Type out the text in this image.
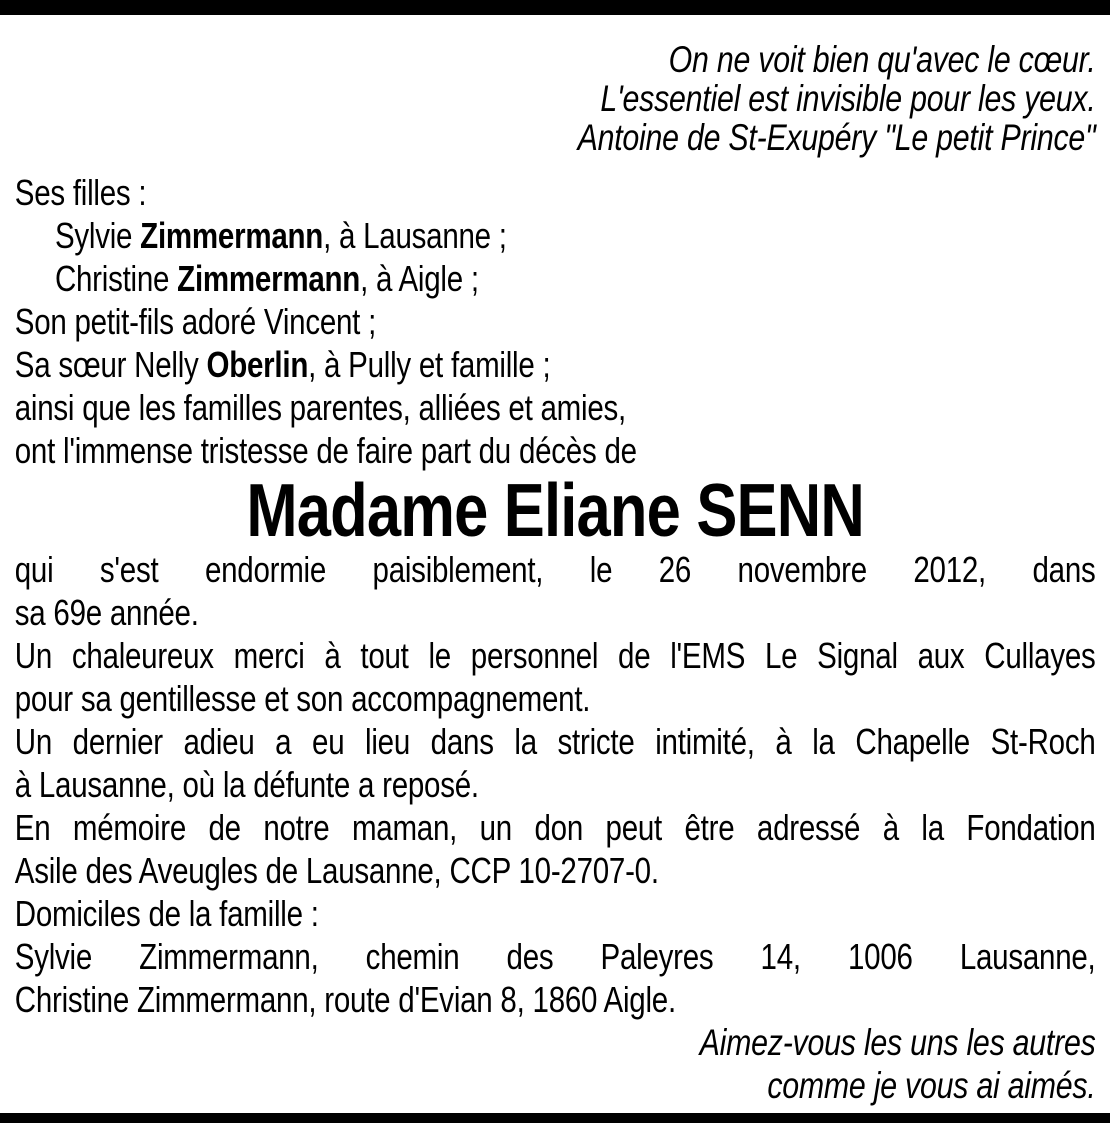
On ne voit bien qu'avec le cœur.
L'essentiel est invisible pour les yeux.
Antoine de St-Exupéry "Le petit Prince"
Ses filles :
Sylvie Zimmermann, à Lausanne ;
Christine Zimmermann, à Aigle ;
Son petit-fils adoré Vincent ;
Sa sœur Nelly Oberlin, à Pully et famille ;
ainsi que les familles parentes, alliées et amies,
ont l'immense tristesse de faire part du décès de
Madame Eliane SENN
qui s'est endormie paisiblement, le 26 novembre 2012, dans
sa 69e année.
Un chaleureux merci à tout le personnel de l'EMS Le Signal aux Cullayes
pour sa gentillesse et son accompagnement.
Un dernier adieu a eu lieu dans la stricte intimité, à la Chapelle St-Roch
à Lausanne, où la défunte a reposé.
En mémoire de notre maman, un don peut être adressé à la Fondation
Asile des Aveugles de Lausanne, CCP 10-2707-0.
Domiciles de la famille :
Sylvie Zimmermann, chemin des Paleyres 14, 1006 Lausanne,
Christine Zimmermann, route d'Evian 8, 1860 Aigle.
Aimez-vous les uns les autres
comme je vous ai aimés.
